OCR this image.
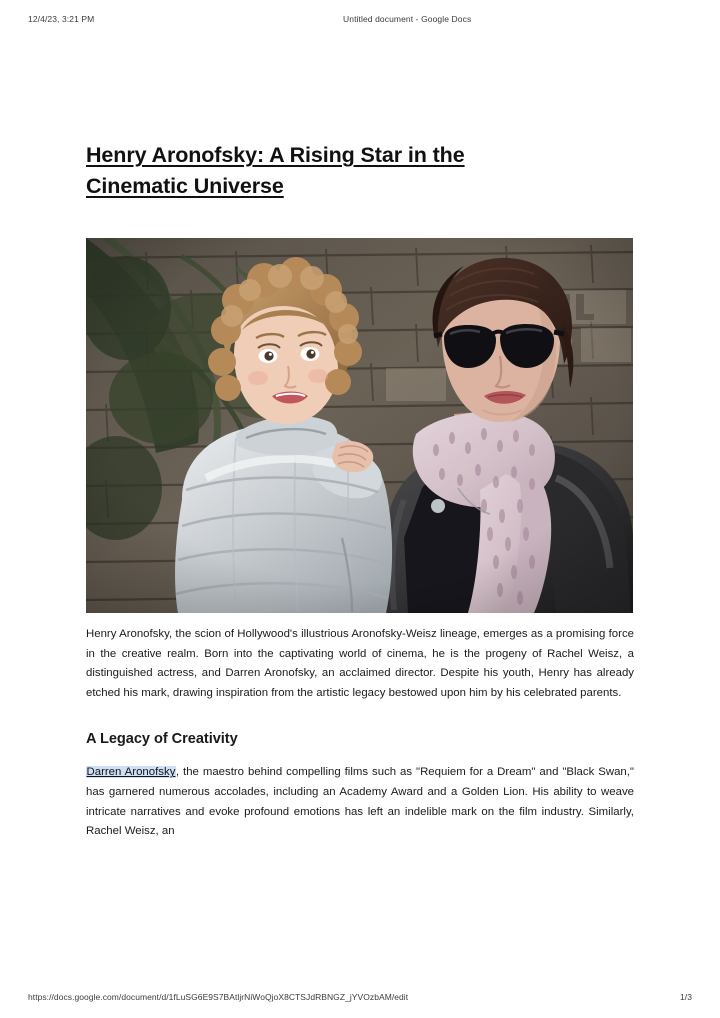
12/4/23, 3:21 PM	Untitled document - Google Docs
Henry Aronofsky: A Rising Star in the
Cinematic Universe

Henry Aronofsky, the scion of Hollywood's illustrious Aronofsky-Weisz lineage, emerges as a promising force in the creative realm. Born into the captivating world of cinema, he is the progeny of Rachel Weisz, a distinguished actress, and Darren Aronofsky, an acclaimed director. Despite his youth, Henry has already etched his mark, drawing inspiration from the artistic legacy bestowed upon him by his celebrated parents.

A Legacy of Creativity

Darren Aronofsky, the maestro behind compelling films such as "Requiem for a Dream" and "Black Swan," has garnered numerous accolades, including an Academy Award and a Golden Lion. His ability to weave intricate narratives and evoke profound emotions has left an indelible mark on the film industry. Similarly, Rachel Weisz, an

https://docs.google.com/document/d/1fLuSG6E9S7BAtljrNiWoQjoX8CTSJdRBNGZ_jYVOzbAM/edit	1/3
